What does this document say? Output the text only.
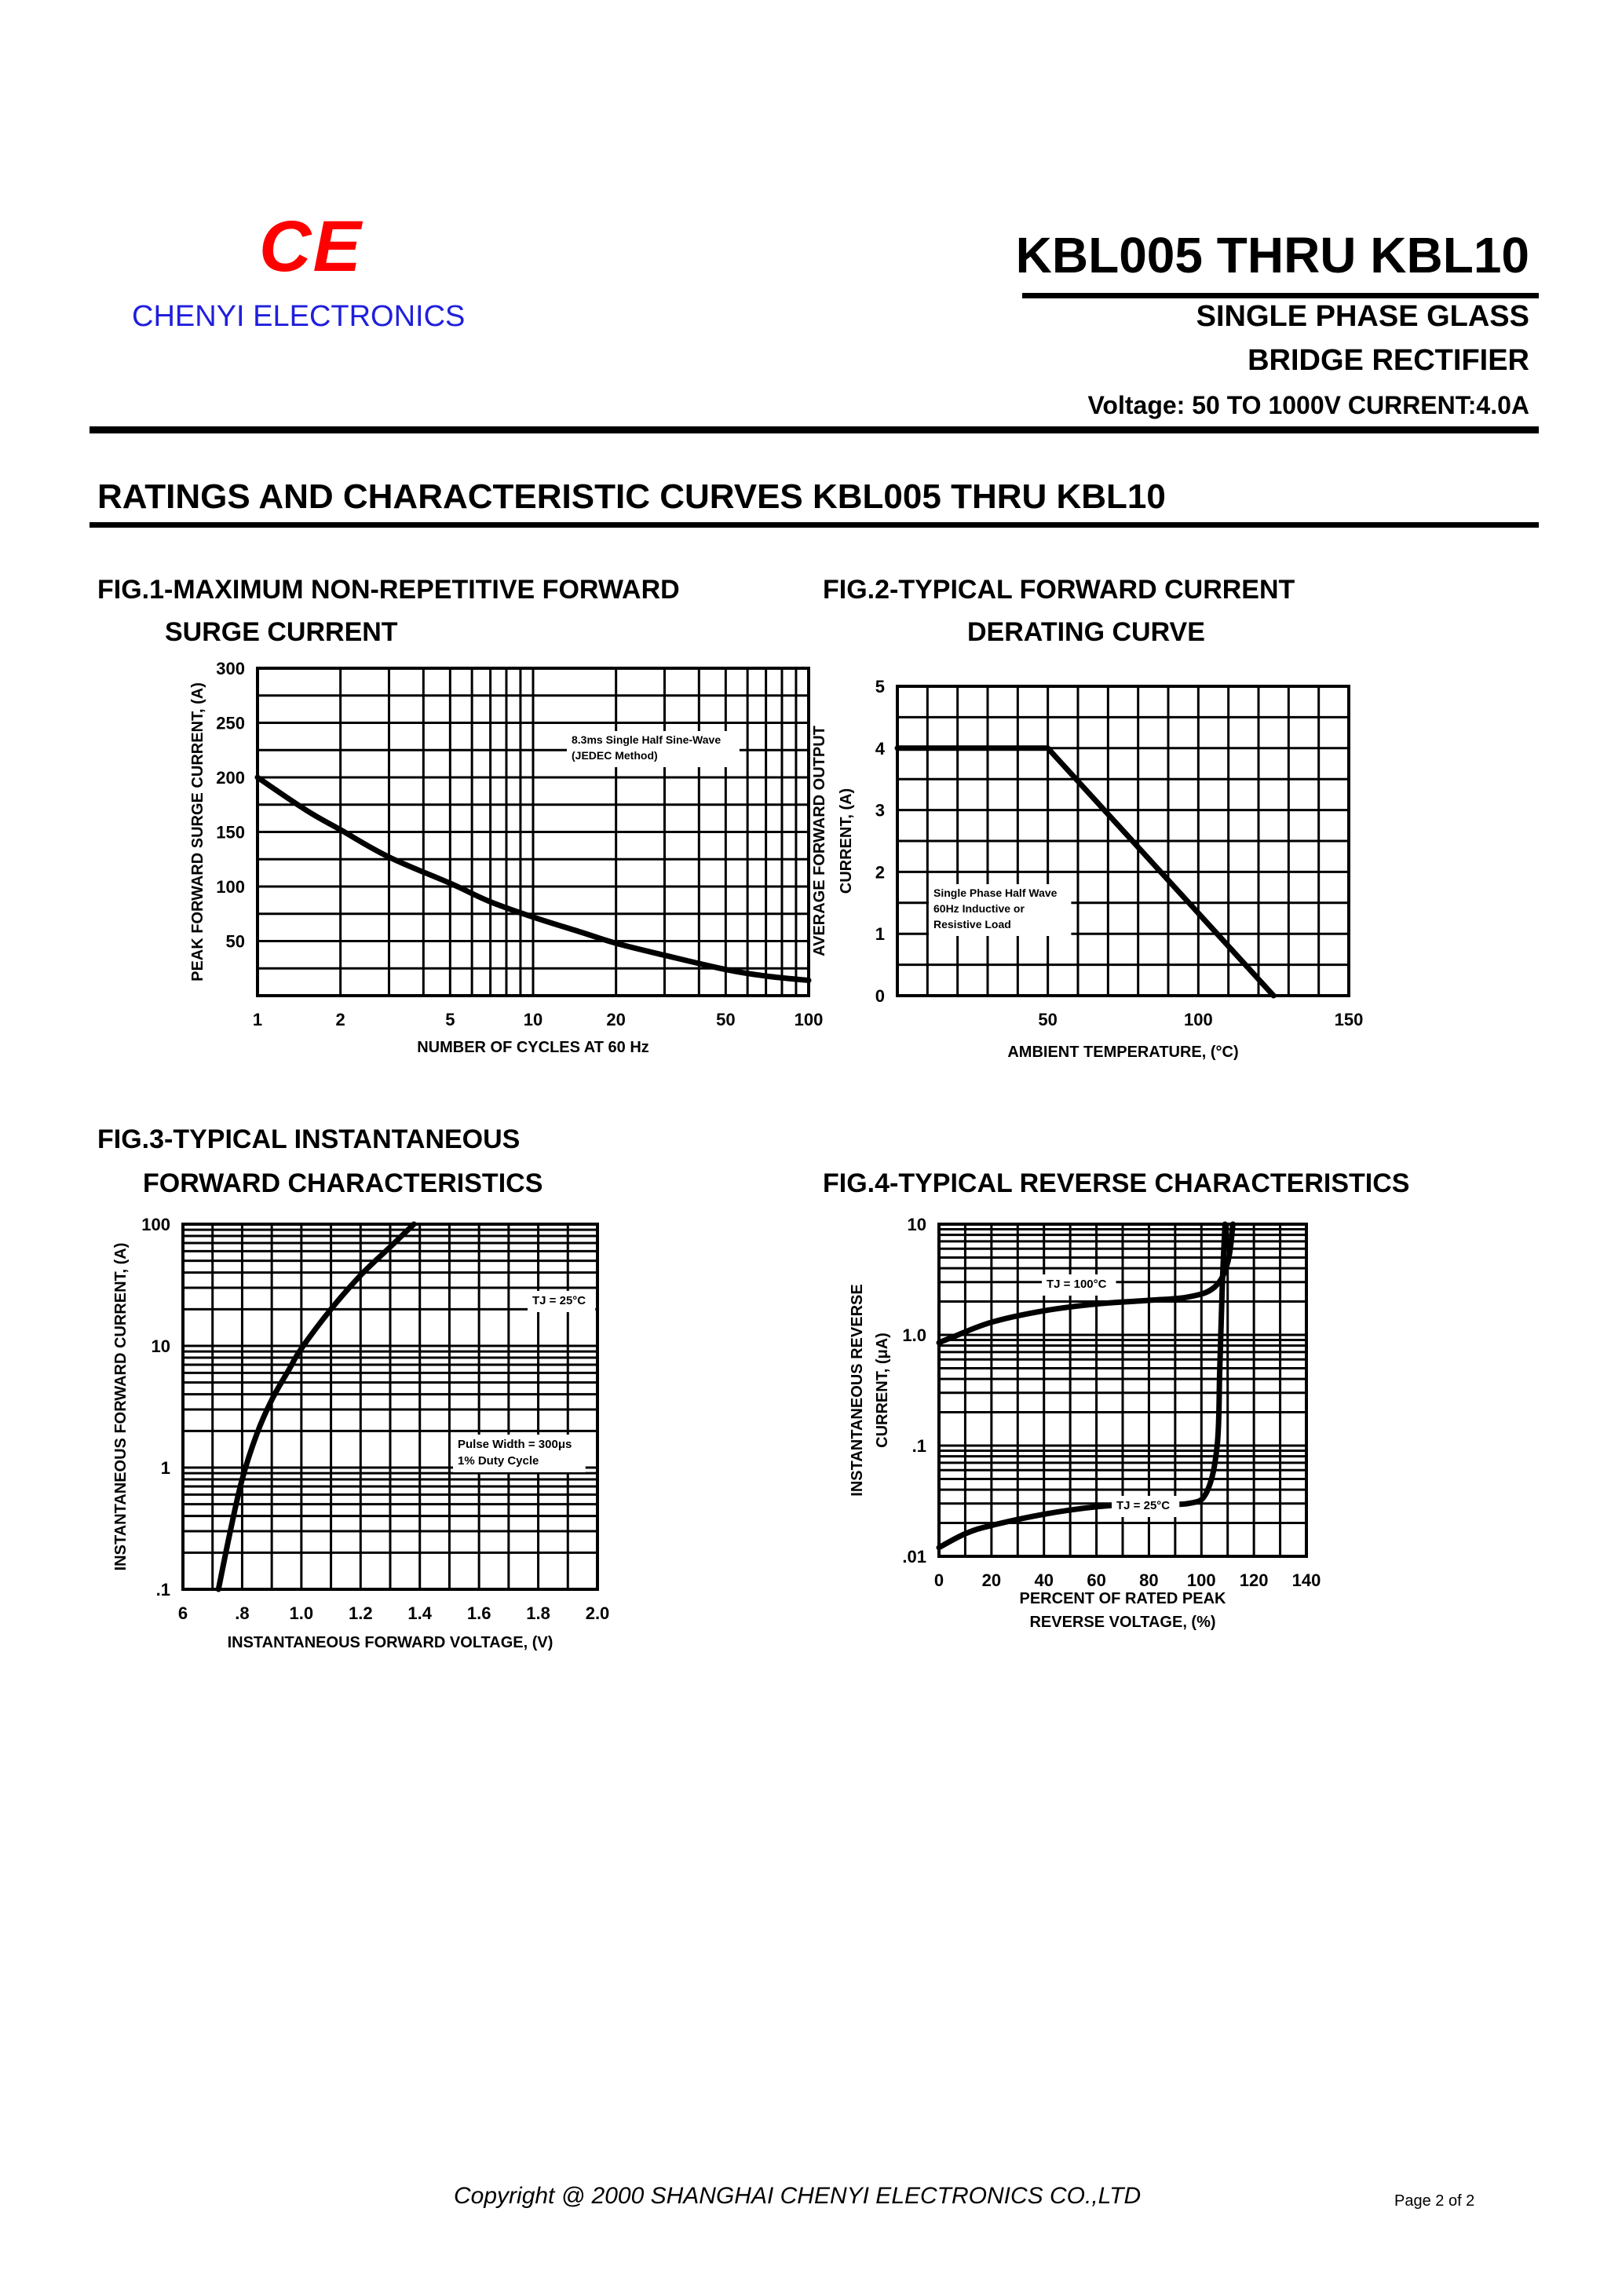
CE
CHENYI ELECTRONICS
KBL005 THRU KBL10
SINGLE PHASE GLASS
BRIDGE RECTIFIER
Voltage: 50 TO 1000V CURRENT:4.0A
RATINGS AND CHARACTERISTIC CURVES KBL005 THRU KBL10
FIG.1-MAXIMUM NON-REPETITIVE FORWARD
SURGE CURRENT
FIG.2-TYPICAL FORWARD CURRENT
DERATING CURVE
FIG.3-TYPICAL INSTANTANEOUS
FORWARD CHARACTERISTICS	FIG.4-TYPICAL REVERSE CHARACTERISTICS
1	2	5	10	20	50	100
50
100
150
200
250
300
NUMBER OF CYCLES AT 60 Hz
PEAK FORWARD SURGE CURRENT, (A)	8.3ms Single Half Sine-Wave
(JEDEC Method)
50	100	150
0
1
2
3
4
5
AMBIENT TEMPERATURE, (°C)
AVERAGE FORWARD OUTPUT CURRENT, (A)	Single Phase Half Wave
60Hz Inductive or
Resistive Load
6	.8 1.0 1.2 1.4 1.6 1.8 2.0
.1
1
10
100
INSTANTANEOUS FORWARD VOLTAGE, (V)
INSTANTANEOUS FORWARD CURRENT, (A)	TJ = 25°C
Pulse Width = 300μs
1% Duty Cycle
0 20 40 60 80 100 120 140
.01
.1
1.0
10
PERCENT OF RATED PEAK
REVERSE VOLTAGE, (%)
INSTANTANEOUS REVERSE CURRENT, (μA)
TJ = 100°C
TJ = 25°C
Copyright @ 2000 SHANGHAI CHENYI ELECTRONICS CO.,LTD	Page 2 of 2
